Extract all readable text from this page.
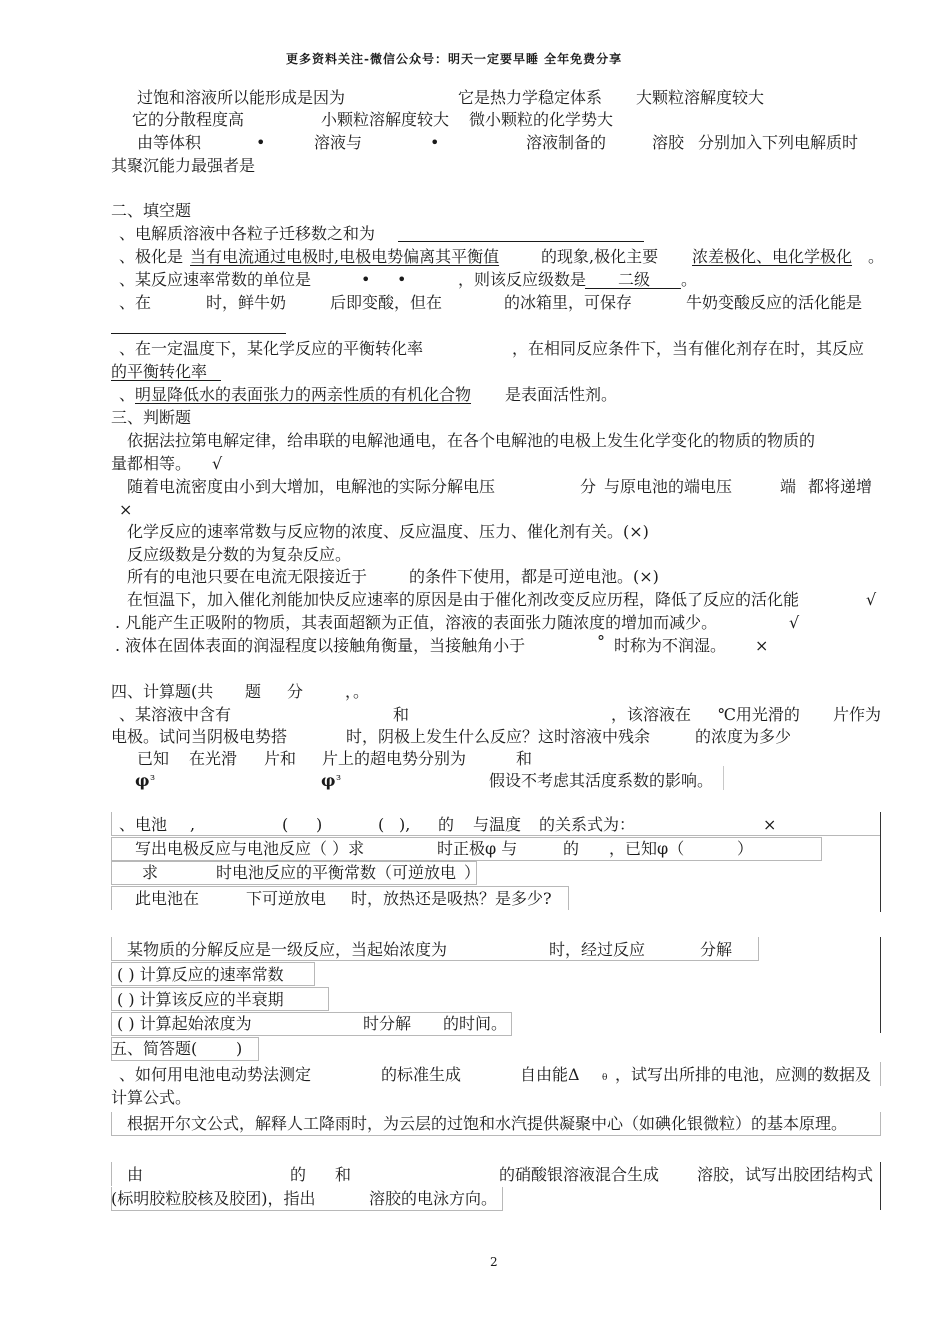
更多资料关注-微信公众号：明天一定要早睡 全年免费分享
过饱和溶液所以能形成是因为	它是热力学稳定体系 大颗粒溶解度较大
它的分散程度高	小颗粒溶解度较大 微小颗粒的化学势大
由等体积	•	溶液与	•	溶液制备的	溶胶 分别加入下列电解质时
其聚沉能力最强者是
二、填空题
、电解质溶液中各粒子迁移数之和为
、极化是 当有电流通过电极时,电极电势偏离其平衡值	的现象,极化主要 浓差极化、电化学极化 。
、某反应速率常数的单位是	• •	，则该反应级数是 二级 。
、在	时，鲜牛奶	后即变酸，但在	的冰箱里，可保存	牛奶变酸反应的活化能是
、在一定温度下，某化学反应的平衡转化率	，在相同反应条件下，当有催化剂存在时，其反应
的平衡转化率
、 明显降低水的表面张力的两亲性质的有机化合物 是表面活性剂。
三、判断题
依据法拉第电解定律，给串联的电解池通电，在各个电解池的电极上发生化学变化的物质的物质的
量都相等。 √
随着电流密度由小到大增加，电解池的实际分解电压	分 与原电池的端电压	端 都将递增
×
化学反应的速率常数与反应物的浓度、反应温度、压力、催化剂有关。(×)
反应级数是分数的为复杂反应。
所有的电池只要在电流无限接近于	的条件下使用，都是可逆电池。(×)
在恒温下，加入催化剂能加快反应速率的原因是由于催化剂改变反应历程，降低了反应的活化能	√
. 凡能产生正吸附的物质，其表面超额为正值，溶液的表面张力随浓度的增加而减少。	√
. 液体在固体表面的润湿程度以接触角衡量，当接触角小于	° 时称为不润湿。 ×
四、计算题(共 题 分	，。
、某溶液中含有	和	，该溶液在 ℃用光滑的 片作为
电极。试问当阴极电势搭	时，阴极上发生什么反应？这时溶液中残余	的浓度为多少
已知 在光滑 片和 片上的超电势分别为	和
φ з	φ з	假设不考虑其活度系数的影响。
、电池 ,	( )	( ), 的 与温度 的关系式为：	×
写出电极反应与电池反应（ ）求	时正极φ 与	的 ，已知φ（	）
求	时电池反应的平衡常数（可逆放电 ）
此电池在	下可逆放电 时，放热还是吸热？是多少?
某物质的分解反应是一级反应，当起始浓度为	时，经过反应	分解
( ) 计算反应的速率常数
( ) 计算该反应的半衰期
( ) 计算起始浓度为	时分解 的时间。
五、简答题( )
、如何用电池电动势法测定	的标准生成	自由能Δ θ ，试写出所排的电池，应测的数据及
计算公式。
根据开尔文公式，解释人工降雨时，为云层的过饱和水汽提供凝聚中心（如碘化银微粒）的基本原理。
由	的 和	的硝酸银溶液混合生成 溶胶，试写出胶团结构式
(标明胶粒胶核及胶团)，指出	溶胶的电泳方向。
2
